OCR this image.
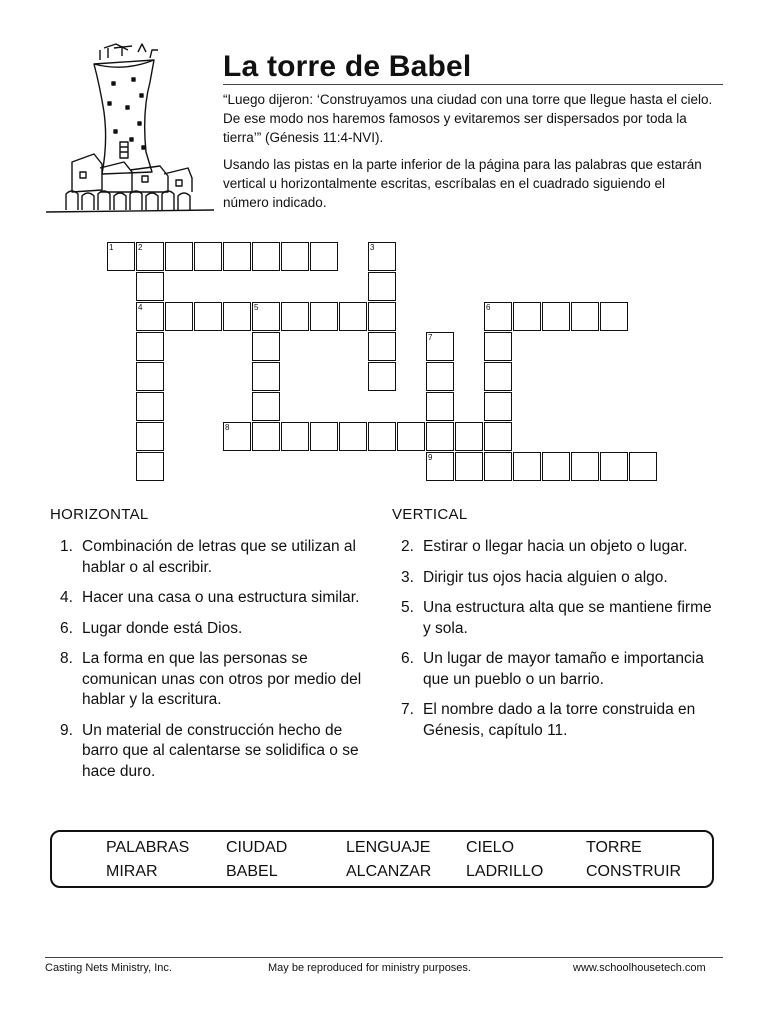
La torre de Babel

“Luego dijeron: ‘Construyamos una ciudad con una torre que llegue hasta el cielo. De ese modo nos haremos famosos y evitaremos ser dispersados por toda la tierra’” (Génesis 11:4-NVI).

Usando las pistas en la parte inferior de la página para las palabras que estarán vertical u horizontalmente escritas, escríbalas en el cuadrado siguiendo el número indicado.

1	2	3
4	5	6
7
8
9
HORIZONTAL	VERTICAL
1. Combinación de letras que se utilizan al hablar o al escribir.
4. Hacer una casa o una estructura similar.
6. Lugar donde está Dios.
8. La forma en que las personas se comunican unas con otros por medio del hablar y la escritura.
9. Un material de construcción hecho de barro que al calentarse se solidifica o se hace duro.
2. Estirar o llegar hacia un objeto o lugar.
3. Dirigir tus ojos hacia alguien o algo.
5. Una estructura alta que se mantiene firme y sola.
6. Un lugar de mayor tamaño e importancia que un pueblo o un barrio.
7. El nombre dado a la torre construida en Génesis, capítulo 11.
PALABRAS CIUDAD	LENGUAJE CIELO	TORRE
MIRAR	BABEL	ALCANZAR LADRILLO	CONSTRUIR
Casting Nets Ministry, Inc.	May be reproduced for ministry purposes.	www.schoolhousetech.com
